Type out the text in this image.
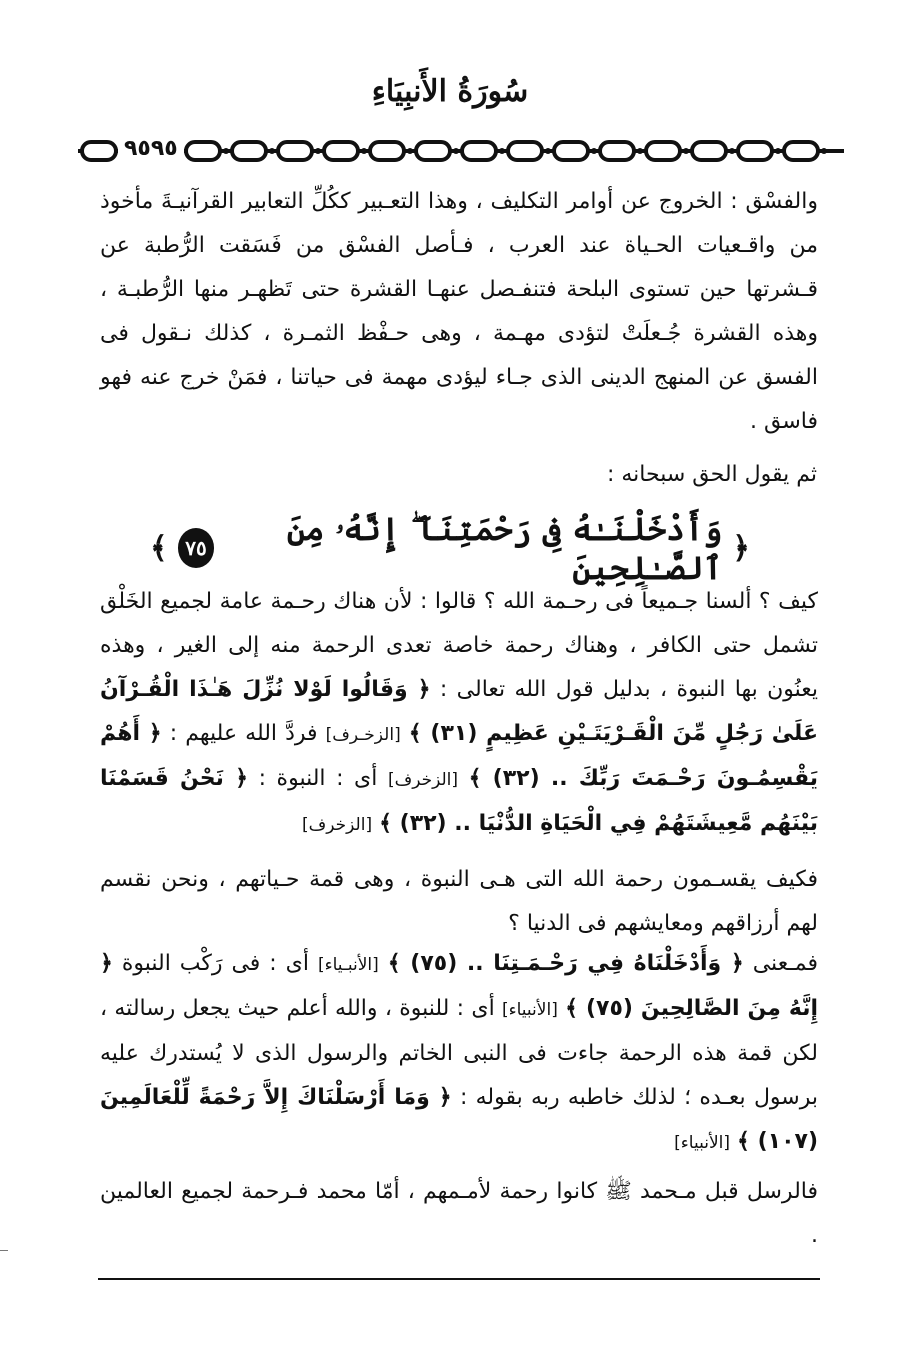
سُورَةُ الأَنبِيَاءِ
٩٥٩٥
والفسْق : الخروج عن أوامر التكليف ، وهذا التعـبير ككُلِّ التعابير القرآنيـةَ مأخوذ من واقـعيات الحـياة عند العرب ، فـأصل الفسْق من فَسَقت الرُّطبة عن قـشرتها حين تستوى البلحة فتنفـصل عنهـا القشرة حتى تَظهـر منها الرُّطبـة ، وهذه القشرة جُـعلَتْ لتؤدى مهـمة ، وهى حـفْظ الثمـرة ، كذلك نـقول فى الفسق عن المنهج الدينى الذى جـاء ليؤدى مهمة فى حياتنا ، فمَنْ خرج عنه فهو فاسق .
ثم يقول الحق سبحانه :
﴿
وَأَدْخَلْنَـٰهُ فِى رَحْمَتِنَآ ۖ إِنَّهُۥ مِنَ ٱلصَّـٰلِحِينَ
٧٥
﴾
كيف ؟ ألسنا جـميعاً فى رحـمة الله ؟ قالوا : لأن هناك رحـمة عامة لجميع الخَلْق تشمل حتى الكافر ، وهناك رحمة خاصة تعدى الرحمة منه إلى الغير ، وهذه يعنُون بها النبوة ، بدليل قول الله تعالى : ﴿ وَقَالُوا لَوْلا نُزِّلَ هَـٰذَا الْقُـرْآنُ عَلَىٰ رَجُلٍ مِّنَ الْقَـرْيَتَـيْنِ عَظِيمٍ (٣١) ﴾ [الزخـرف] فردَّ الله عليهم : ﴿ أَهُمْ يَقْسِمُـونَ رَحْـمَتَ رَبِّكَ .. (٣٢) ﴾ [الزخرف] أى : النبوة : ﴿ نَحْنُ قَسَمْنَا بَيْنَهُم مَّعِيشَتَهُمْ فِي الْحَيَاةِ الدُّنْيَا .. (٣٢) ﴾ [الزخرف]
فكيف يقسـمون رحمة الله التى هـى النبوة ، وهى قمة حـياتهم ، ونحن نقسم لهم أرزاقهم ومعايشهم فى الدنيا ؟
فمـعنى ﴿ وَأَدْخَلْنَاهُ فِي رَحْـمَـتِنَا .. (٧٥) ﴾ [الأنبـياء] أى : فى رَكْب النبوة ﴿ إِنَّهُ مِنَ الصَّالِحِينَ (٧٥) ﴾ [الأنبياء] أى : للنبوة ، والله أعلم حيث يجعل رسالته ، لكن قمة هذه الرحمة جاءت فى النبى الخاتم والرسول الذى لا يُستدرك عليه برسول بعـده ؛ لذلك خاطبه ربه بقوله : ﴿ وَمَا أَرْسَلْنَاكَ إِلاَّ رَحْمَةً لِّلْعَالَمِينَ (١٠٧) ﴾ [الأنبياء]
فالرسل قبل مـحمد ﷺ كانوا رحمة لأمـمهم ، أمّا محمد فـرحمة لجميع العالمين .
